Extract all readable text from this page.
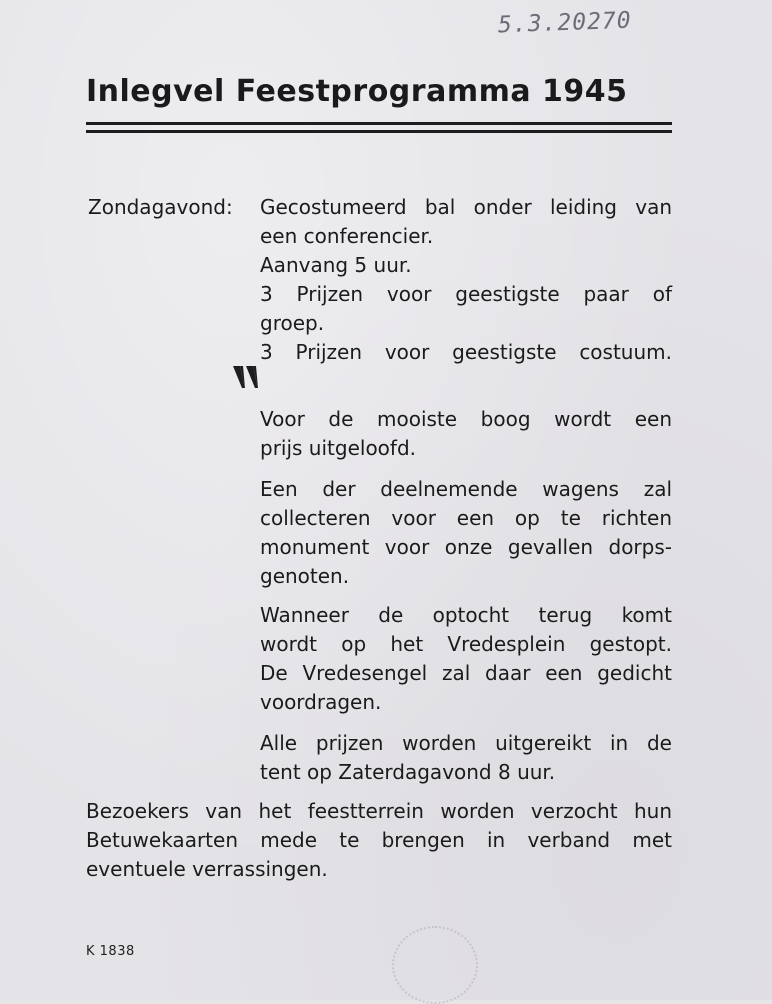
5.3.20270
Inlegvel Feestprogramma 1945
Zondagavond: Gecostumeerd bal onder leiding van
een conferencier.
Aanvang 5 uur.
3 Prijzen voor geestigste paar of
groep.
3 Prijzen voor geestigste costuum.
Voor de mooiste boog wordt een
prijs uitgeloofd.
Een der deelnemende wagens zal
collecteren voor een op te richten
monument voor onze gevallen dorps-
genoten.
Wanneer de optocht terug komt
wordt op het Vredesplein gestopt.
De Vredesengel zal daar een gedicht
voordragen.
Alle prijzen worden uitgereikt in de
tent op Zaterdagavond 8 uur.
Bezoekers van het feestterrein worden verzocht hun
Betuwekaarten mede te brengen in verband met
eventuele verrassingen.
K 1838
